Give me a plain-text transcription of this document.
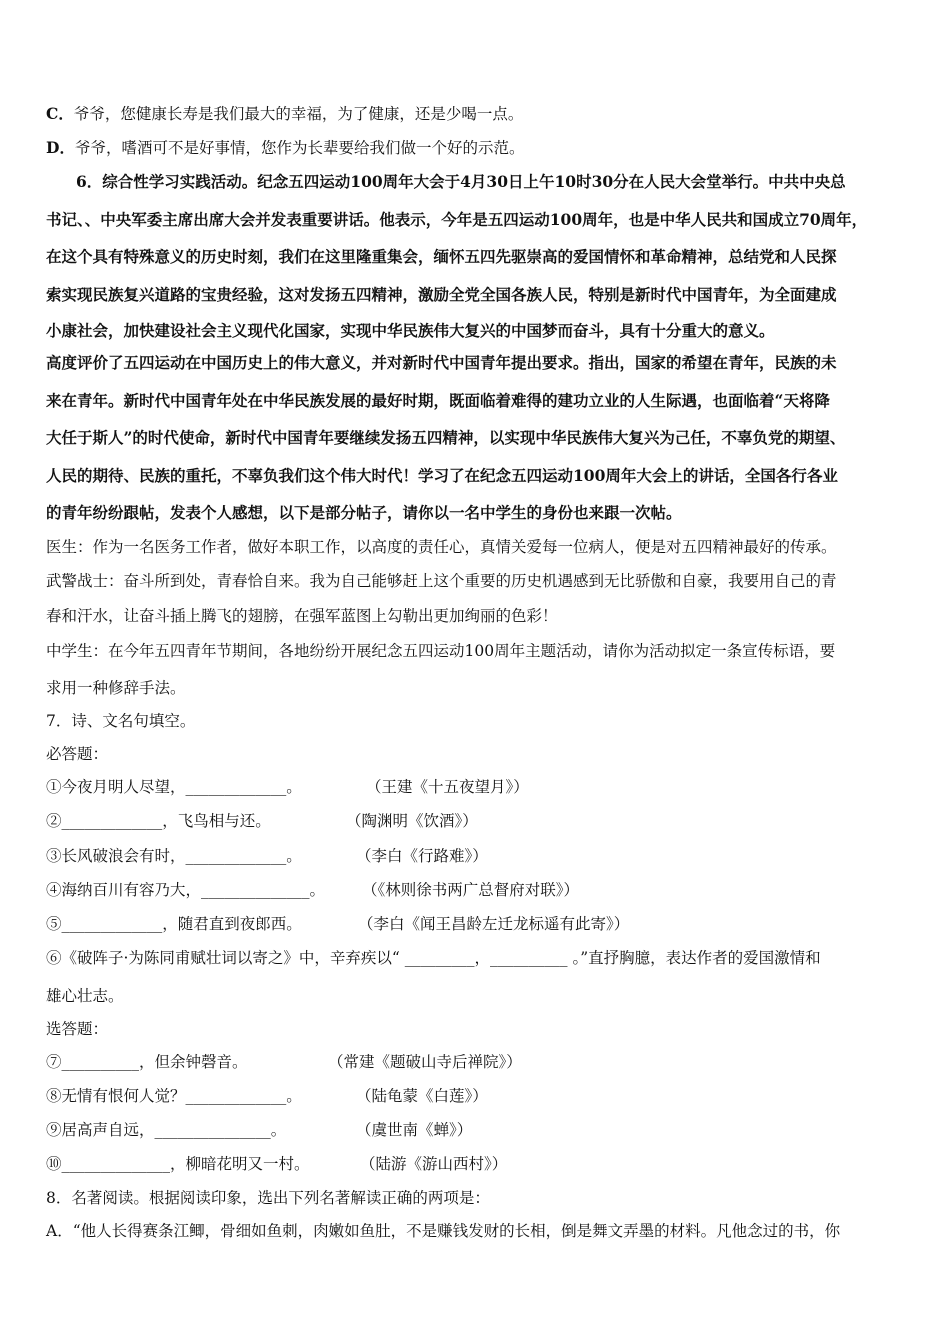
C．爷爷，您健康长寿是我们最大的幸福，为了健康，还是少喝一点。
D．爷爷，嗜酒可不是好事情，您作为长辈要给我们做一个好的示范。
6．综合性学习实践活动。纪念五四运动100周年大会于4月30日上午10时30分在人民大会堂举行。中共中央总
书记、、中央军委主席出席大会并发表重要讲话。他表示，今年是五四运动100周年，也是中华人民共和国成立70周年，
在这个具有特殊意义的历史时刻，我们在这里隆重集会，缅怀五四先驱崇高的爱国情怀和革命精神，总结党和人民探
索实现民族复兴道路的宝贵经验，这对发扬五四精神，激励全党全国各族人民，特别是新时代中国青年，为全面建成
小康社会，加快建设社会主义现代化国家，实现中华民族伟大复兴的中国梦而奋斗，具有十分重大的意义。
高度评价了五四运动在中国历史上的伟大意义，并对新时代中国青年提出要求。指出，国家的希望在青年，民族的未
来在青年。新时代中国青年处在中华民族发展的最好时期，既面临着难得的建功立业的人生际遇，也面临着“天将降
大任于斯人”的时代使命，新时代中国青年要继续发扬五四精神，以实现中华民族伟大复兴为己任，不辜负党的期望、
人民的期待、民族的重托，不辜负我们这个伟大时代！学习了在纪念五四运动100周年大会上的讲话，全国各行各业
的青年纷纷跟帖，发表个人感想，以下是部分帖子，请你以一名中学生的身份也来跟一次帖。
医生：作为一名医务工作者，做好本职工作，以高度的责任心，真情关爱每一位病人，便是对五四精神最好的传承。
武警战士：奋斗所到处，青春恰自来。我为自己能够赶上这个重要的历史机遇感到无比骄傲和自豪，我要用自己的青
春和汗水，让奋斗插上腾飞的翅膀，在强军蓝图上勾勒出更加绚丽的色彩！
中学生：在今年五四青年节期间，各地纷纷开展纪念五四运动100周年主题活动，请你为活动拟定一条宣传标语，要
求用一种修辞手法。
7．诗、文名句填空。
必答题：
①今夜月明人尽望，_____________。	（王建《十五夜望月》）
②_____________，飞鸟相与还。	（陶渊明《饮酒》）
③长风破浪会有时，_____________。	（李白《行路难》）
④海纳百川有容乃大，______________。 （《林则徐书两广总督府对联》）
⑤_____________，随君直到夜郎西。	（李白《闻王昌龄左迁龙标遥有此寄》）
⑥《破阵子·为陈同甫赋壮词以寄之》中，辛弃疾以“ _________，__________ 。”直抒胸臆，表达作者的爱国激情和
雄心壮志。
选答题：
⑦__________，但余钟磬音。	（常建《题破山寺后禅院》）
⑧无情有恨何人觉？_____________。	（陆龟蒙《白莲》）
⑨居高声自远，_______________。	（虞世南《蝉》）
⑩______________，柳暗花明又一村。	（陆游《游山西村》）
8．名著阅读。根据阅读印象，选出下列名著解读正确的两项是：
A．“他人长得赛条江鲫，骨细如鱼刺，肉嫩如鱼肚，不是赚钱发财的长相，倒是舞文弄墨的材料。凡他念过的书，你
